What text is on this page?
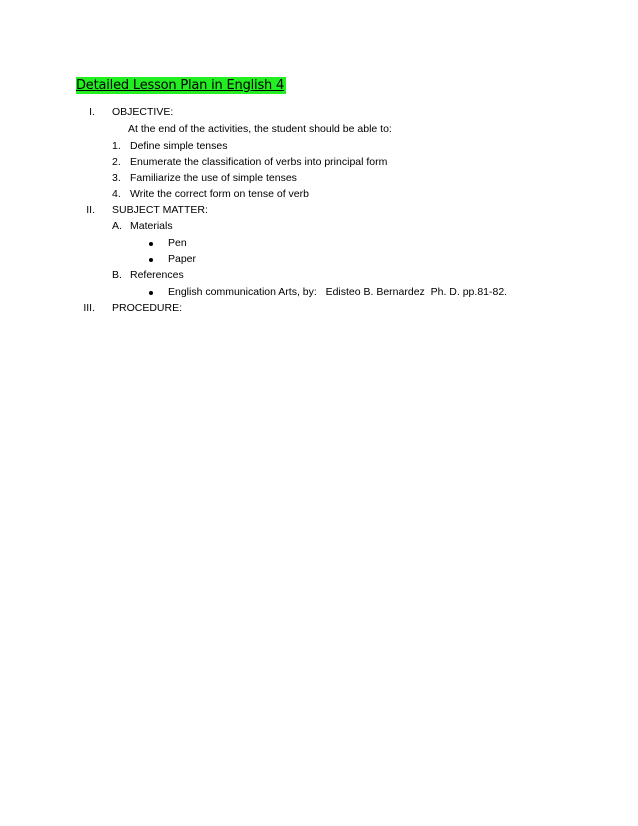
Detailed Lesson Plan in English 4
I. OBJECTIVE:
At the end of the activities, the student should be able to:
1. Define simple tenses
2. Enumerate the classification of verbs into principal form
3. Familiarize the use of simple tenses
4. Write the correct form on tense of verb
II. SUBJECT MATTER:
A. Materials
Pen
Paper
B. References
English communication Arts, by:   Edisteo B. Bernardez  Ph. D. pp.81-82.
III. PROCEDURE:
